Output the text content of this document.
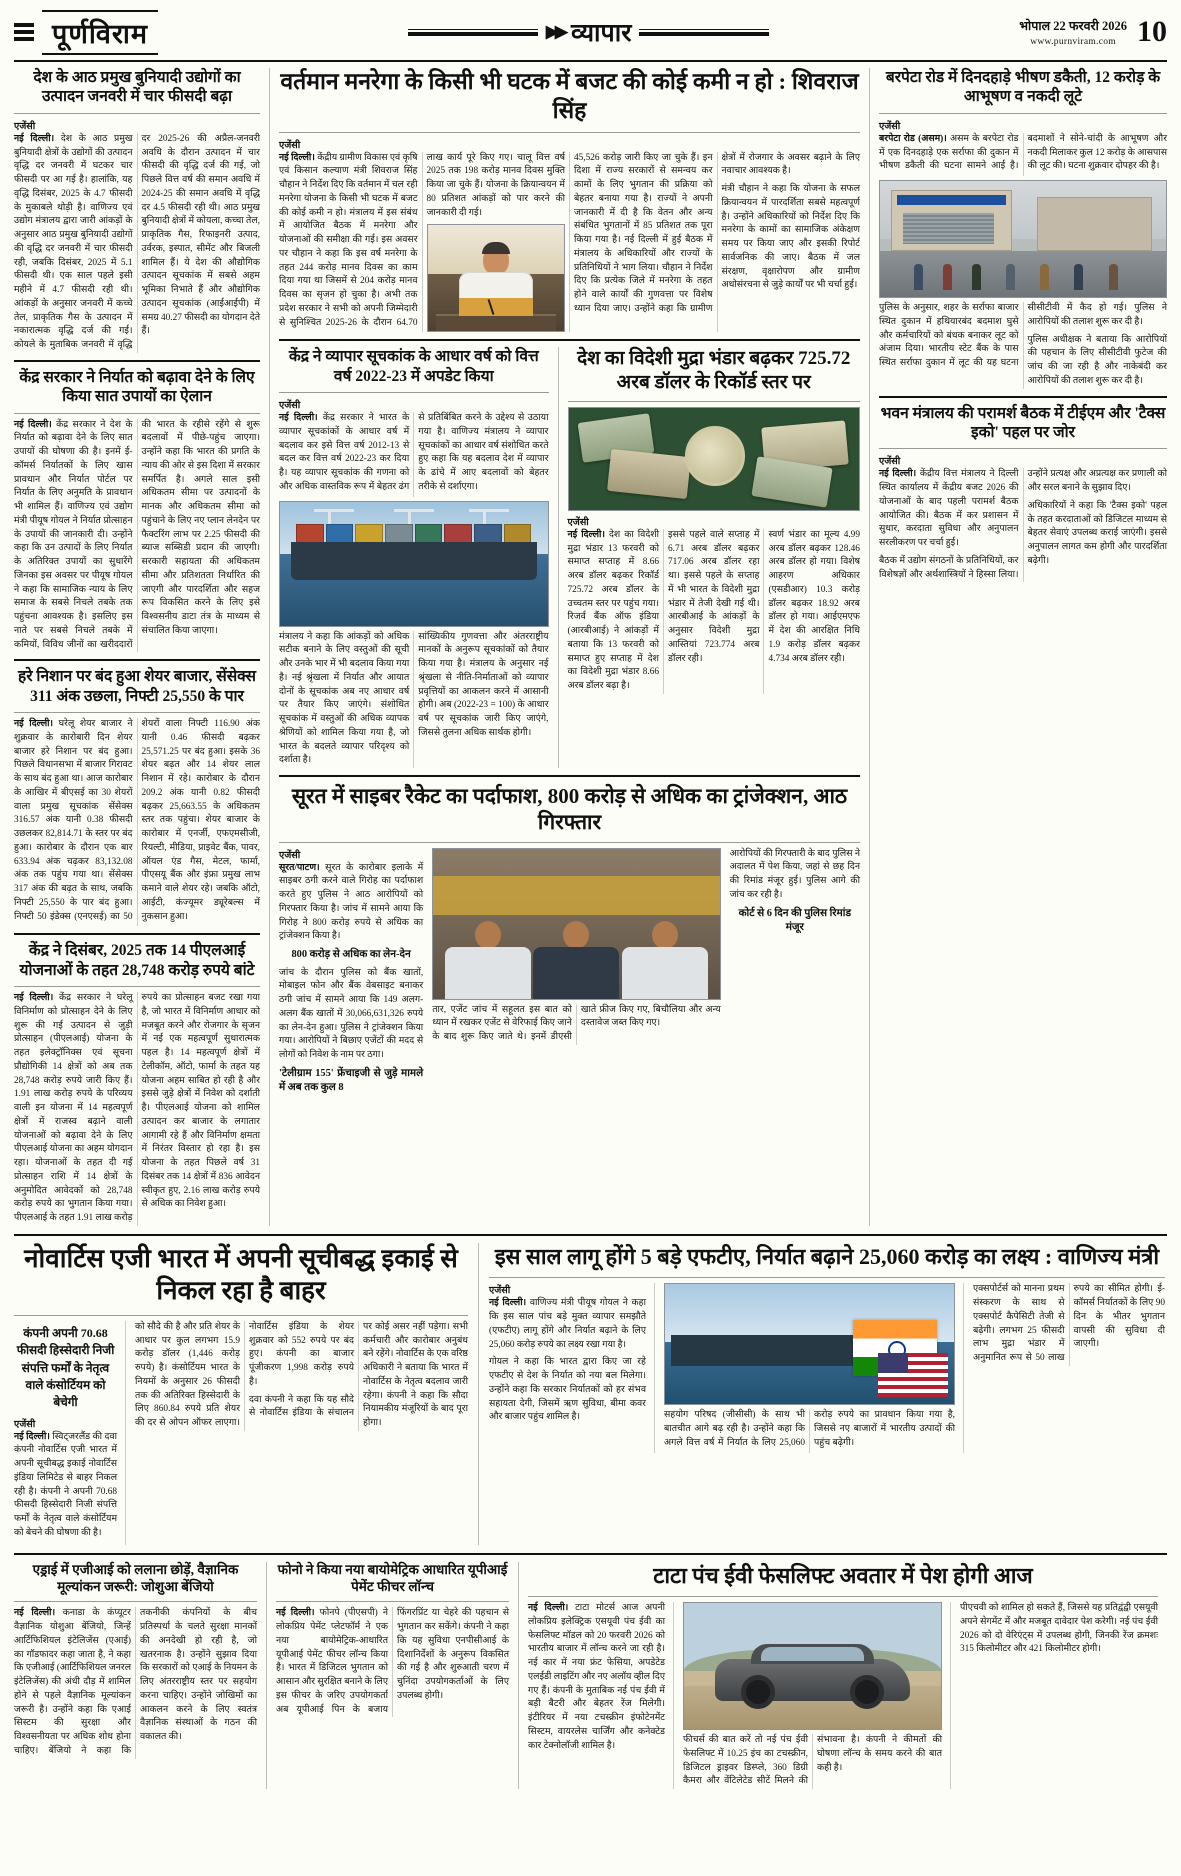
पूर्णविराम	▶▶ व्यापार	भोपाल 22 फरवरी 2026
www.purnviram.com 10
देश के आठ प्रमुख बुनियादी उद्योगों का उत्पादन जनवरी में चार फीसदी बढ़ा
एजेंसी

नई दिल्ली। देश के आठ प्रमुख बुनियादी क्षेत्रों के उद्योगों की उत्पादन वृद्धि दर जनवरी में घटकर चार फीसदी पर आ गई है। हालांकि, यह वृद्धि दिसंबर, 2025 के 4.7 फीसदी के मुकाबले थोड़ी है। वाणिज्य एवं उद्योग मंत्रालय द्वारा जारी आंकड़ों के अनुसार आठ प्रमुख बुनियादी उद्योगों की वृद्धि दर जनवरी में चार फीसदी रही, जबकि दिसंबर, 2025 में 5.1 फीसदी थी। एक साल पहले इसी महीने में 4.7 फीसदी रही थी। आंकड़ों के अनुसार जनवरी में कच्चे तेल, प्राकृतिक गैस के उत्पादन में नकारात्मक वृद्धि दर्ज की गई। कोयले के मुताबिक जनवरी में वृद्धि दर 2025-26 की अप्रैल-जनवरी अवधि के दौरान उत्पादन में चार फीसदी की वृद्धि दर्ज की गई, जो पिछले वित्त वर्ष की समान अवधि में 2024-25 की समान अवधि में वृद्धि दर 4.5 फीसदी रही थी। आठ प्रमुख बुनियादी क्षेत्रों में कोयला, कच्चा तेल, प्राकृतिक गैस, रिफाइनरी उत्पाद, उर्वरक, इस्पात, सीमेंट और बिजली शामिल हैं। ये देश की औद्योगिक उत्पादन सूचकांक में सबसे अहम भूमिका निभाते हैं और औद्योगिक उत्पादन सूचकांक (आईआईपी) में समग्र 40.27 फीसदी का योगदान देते हैं।

केंद्र सरकार ने निर्यात को बढ़ावा देने के लिए किया सात उपायों का ऐलान

नई दिल्ली। केंद्र सरकार ने देश के निर्यात को बढ़ावा देने के लिए सात उपायों की घोषणा की है। इनमें ई-कॉमर्स निर्यातकों के लिए खास प्रावधान और निर्यात पोर्टल पर निर्यात के लिए अनुमति के प्रावधान भी शामिल हैं। वाणिज्य एवं उद्योग मंत्री पीयूष गोयल ने निर्यात प्रोत्साहन के उपायों की जानकारी दी। उन्होंने कहा कि उन उत्पादों के लिए निर्यात के अतिरिक्त उपायों का सुधारेंगे जिनका इस अवसर पर पीयूष गोयल ने कहा कि सामाजिक न्याय के लिए समाज के सबसे निचले तबके तक पहुंचना आवश्यक है। इसलिए इस नाते पर सबसे निचले तबके में कमियों, विविध जीनों का खरीददारों की भारत के रहीसे रहेंगे से शुरू बदलावों में पीछे-पहुंच जाएगा। उन्होंने कहा कि भारत की प्रगति के न्याय की ओर से इस दिशा में सरकार समर्पित है। अगले साल इसी अधिकतम सीमा पर उत्पादनों के मानक और अधिकतम सीमा को पहुंचाने के लिए नए प्लान लेनदेन पर फैक्टरिंग लाभ पर 2.25 फीसदी की ब्याज सब्सिडी प्रदान की जाएगी। सरकारी सहायता की अधिकतम सीमा और प्रतिशतता निर्धारित की जाएगी और पारदर्शिता और सहज रूप विकसित करने के लिए इसे विश्वसनीय डाटा तंत्र के माध्यम से संचालित किया जाएगा।

हरे निशान पर बंद हुआ शेयर बाजार, सेंसेक्स 311 अंक उछला, निफ्टी 25,550 के पार

नई दिल्ली। घरेलू शेयर बाजार ने शुक्रवार के कारोबारी दिन शेयर बाजार हरे निशान पर बंद हुआ। पिछले विधानसभा में बाजार गिरावट के साथ बंद हुआ था। आज कारोबार के आखिर में बीएसई का 30 शेयरों वाला प्रमुख सूचकांक सेंसेक्स 316.57 अंक यानी 0.38 फीसदी उछलकर 82,814.71 के स्तर पर बंद हुआ। कारोबार के दौरान एक बार 633.94 अंक चढ़कर 83,132.08 अंक तक पहुंच गया था। सेंसेक्स 317 अंक की बढ़त के साथ, जबकि निफ्टी 25,550 के पार बंद हुआ। निफ्टी 50 इंडेक्स (एनएसई) का 50 शेयरों वाला निफ्टी 116.90 अंक यानी 0.46 फीसदी बढ़कर 25,571.25 पर बंद हुआ। इसके 36 शेयर बढ़त और 14 शेयर लाल निशान में रहे। कारोबार के दौरान 209.2 अंक यानी 0.82 फीसदी बढ़कर 25,663.55 के अधिकतम स्तर तक पहुंचा। शेयर बाजार के कारोबार में एनर्जी, एफएमसीजी, रियल्टी, मीडिया, प्राइवेट बैंक, पावर, ऑयल एंड गैस, मेटल, फार्मा, पीएसयू बैंक और इंफ्रा प्रमुख लाभ कमाने वाले शेयर रहे। जबकि ऑटो, आईटी, कंज्यूमर ड्यूरेबल्स में नुकसान हुआ।

केंद्र ने दिसंबर, 2025 तक 14 पीएलआई योजनाओं के तहत 28,748 करोड़ रुपये बांटे

नई दिल्ली। केंद्र सरकार ने घरेलू विनिर्माण को प्रोत्साहन देने के लिए शुरू की गई उत्पादन से जुड़ी प्रोत्साहन (पीएलआई) योजना के तहत इलेक्ट्रॉनिक्स एवं सूचना प्रौद्योगिकी 14 क्षेत्रों को अब तक 28,748 करोड़ रुपये जारी किए हैं। 1.91 लाख करोड़ रुपये के परिव्यय वाली इन योजना में 14 महत्वपूर्ण क्षेत्रों में राजस्व बढ़ाने वाली योजनाओं को बढ़ावा देने के लिए पीएलआई योजना का अहम योगदान रहा। योजनाओं के तहत दी गई प्रोत्साहन राशि में 14 क्षेत्रों के अनुमोदित आवेदकों को 28,748 करोड़ रुपये का भुगतान किया गया। पीएलआई के तहत 1.91 लाख करोड़ रुपये का प्रोत्साहन बजट रखा गया है, जो भारत में विनिर्माण आधार को मजबूत करने और रोजगार के सृजन में नई एक महत्वपूर्ण सुधारात्मक पहल है। 14 महत्वपूर्ण क्षेत्रों में टेलीकॉम, ऑटो, फार्मा के तहत यह योजना अहम साबित हो रही है और इससे जुड़े क्षेत्रों में निवेश को दर्शाती है। पीएलआई योजना को शामिल उत्पादन कर बाजार के लगातार आगामी रहे हैं और विनिर्माण क्षमता में निरंतर विस्तार हो रहा है। इस योजना के तहत पिछले वर्ष 31 दिसंबर तक 14 क्षेत्रों में 836 आवेदन स्वीकृत हुए, 2.16 लाख करोड़ रुपये से अधिक का निवेश हुआ।

वर्तमान मनरेगा के किसी भी घटक में बजट की कोई कमी न हो : शिवराज सिंह
एजेंसी

नई दिल्ली। केंद्रीय ग्रामीण विकास एवं कृषि एवं किसान कल्याण मंत्री शिवराज सिंह चौहान ने निर्देश दिए कि वर्तमान में चल रही मनरेगा योजना के किसी भी घटक में बजट की कोई कमी न हो। मंत्रालय में इस संबंध में आयोजित बैठक में मनरेगा और योजनाओं की समीक्षा की गई। इस अवसर पर चौहान ने कहा कि इस वर्ष मनरेगा के तहत 244 करोड़ मानव दिवस का काम दिया गया था जिसमें से 204 करोड़ मानव दिवस का सृजन हो चुका है। अभी तक प्रदेश सरकार ने सभी को अपनी जिम्मेदारी से सुनिश्चित 2025-26 के दौरान 64.70 लाख कार्य पूरे किए गए। चालू वित्त वर्ष 2025 तक 198 करोड़ मानव दिवस मुक्ति किया जा चुके हैं। योजना के क्रियान्वयन में 80 प्रतिशत आंकड़ों को पार करने की जानकारी दी गई।

45,526 करोड़ जारी किए जा चुके हैं। इन दिशा में राज्य सरकारों से समन्वय कर कामों के लिए भुगतान की प्रक्रिया को बेहतर बनाया गया है। राज्यों ने अपनी जानकारी में दी है कि वेतन और अन्य संबंधित भुगतानों में 85 प्रतिशत तक पूरा किया गया है। नई दिल्ली में हुई बैठक में मंत्रालय के अधिकारियों और राज्यों के प्रतिनिधियों ने भाग लिया। चौहान ने निर्देश दिए कि प्रत्येक जिले में मनरेगा के तहत होने वाले कार्यों की गुणवत्ता पर विशेष ध्यान दिया जाए। उन्होंने कहा कि ग्रामीण क्षेत्रों में रोजगार के अवसर बढ़ाने के लिए नवाचार आवश्यक है।

मंत्री चौहान ने कहा कि योजना के सफल क्रियान्वयन में पारदर्शिता सबसे महत्वपूर्ण है। उन्होंने अधिकारियों को निर्देश दिए कि मनरेगा के कामों का सामाजिक अंकेक्षण समय पर किया जाए और इसकी रिपोर्ट सार्वजनिक की जाए। बैठक में जल संरक्षण, वृक्षारोपण और ग्रामीण अधोसंरचना से जुड़े कार्यों पर भी चर्चा हुई।

केंद्र ने व्यापार सूचकांक के आधार वर्ष को वित्त वर्ष 2022-23 में अपडेट किया
एजेंसी

नई दिल्ली। केंद्र सरकार ने भारत के व्यापार सूचकांकों के आधार वर्ष में बदलाव कर इसे वित्त वर्ष 2012-13 से बदल कर वित्त वर्ष 2022-23 कर दिया है। यह व्यापार सूचकांक की गणना को और अधिक वास्तविक रूप में बेहतर ढंग से प्रतिबिंबित करने के उद्देश्य से उठाया गया है। वाणिज्य मंत्रालय ने व्यापार सूचकांकों का आधार वर्ष संशोधित करते हुए कहा कि यह बदलाव देश में व्यापार के ढांचे में आए बदलावों को बेहतर तरीके से दर्शाएगा।

मंत्रालय ने कहा कि आंकड़ों को अधिक सटीक बनाने के लिए वस्तुओं की सूची और उनके भार में भी बदलाव किया गया है। नई श्रृंखला में निर्यात और आयात दोनों के सूचकांक अब नए आधार वर्ष पर तैयार किए जाएंगे। संशोधित सूचकांक में वस्तुओं की अधिक व्यापक श्रेणियों को शामिल किया गया है, जो भारत के बदलते व्यापार परिदृश्य को दर्शाता है।

सांख्यिकीय गुणवत्ता और अंतरराष्ट्रीय मानकों के अनुरूप सूचकांकों को तैयार किया गया है। मंत्रालय के अनुसार नई श्रृंखला से नीति-निर्माताओं को व्यापार प्रवृत्तियों का आकलन करने में आसानी होगी। अब (2022-23 = 100) के आधार वर्ष पर सूचकांक जारी किए जाएंगे, जिससे तुलना अधिक सार्थक होगी।

देश का विदेशी मुद्रा भंडार बढ़कर 725.72 अरब डॉलर के रिकॉर्ड स्तर पर
एजेंसी

नई दिल्ली। देश का विदेशी मुद्रा भंडार 13 फरवरी को समाप्त सप्ताह में 8.66 अरब डॉलर बढ़कर रिकॉर्ड 725.72 अरब डॉलर के उच्चतम स्तर पर पहुंच गया। रिजर्व बैंक ऑफ इंडिया (आरबीआई) ने आंकड़ों में बताया कि 13 फरवरी को समाप्त हुए सप्ताह में देश का विदेशी मुद्रा भंडार 8.66 अरब डॉलर बढ़ा है।

इससे पहले वाले सप्ताह में 6.71 अरब डॉलर बढ़कर 717.06 अरब डॉलर रहा था। इससे पहले के सप्ताह में भी भारत के विदेशी मुद्रा भंडार में तेजी देखी गई थी। आरबीआई के आंकड़ों के अनुसार विदेशी मुद्रा आस्तियां 723.774 अरब डॉलर रही।

स्वर्ण भंडार का मूल्य 4.99 अरब डॉलर बढ़कर 128.46 अरब डॉलर हो गया। विशेष आहरण अधिकार (एसडीआर) 10.3 करोड़ डॉलर बढ़कर 18.92 अरब डॉलर हो गया। आईएमएफ में देश की आरक्षित निधि 1.9 करोड़ डॉलर बढ़कर 4.734 अरब डॉलर रही।

सूरत में साइबर रैकेट का पर्दाफाश, 800 करोड़ से अधिक का ट्रांजेक्शन, आठ गिरफ्तार
एजेंसी

सूरत/पाटण। सूरत के कारोबार इलाके में साइबर ठगी करने वाले गिरोह का पर्दाफाश करते हुए पुलिस ने आठ आरोपियों को गिरफ्तार किया है। जांच में सामने आया कि गिरोह ने 800 करोड़ रुपये से अधिक का ट्रांजेक्शन किया है।

800 करोड़ से अधिक का लेन-देन

जांच के दौरान पुलिस को बैंक खातों, मोबाइल फोन और बैंक वेबसाइट बनाकर ठगी जांच में सामने आया कि 149 अलग-अलग बैंक खातों में 30,066,631,326 रुपये का लेन-देन हुआ। पुलिस ने ट्रांजेक्शन किया गया। आरोपियों ने बिछाए एजेंटों की मदद से लोगों को निवेश के नाम पर ठगा।

'टेलीग्राम 155' फ्रेंचाइजी से जुड़े मामले में अब तक कुल 8

तार, एजेंट जांच में सहूलत इस बात को ध्यान में रखकर एजेंट से वेरिफाई किए जाने के बाद शुरू किए जाते थे। इनमें डीएसी खाते फ्रीज किए गए, बिचौलिया और अन्य दस्तावेज जब्त किए गए।

आरोपियों की गिरफ्तारी के बाद पुलिस ने अदालत में पेश किया, जहां से छह दिन की रिमांड मंजूर हुई। पुलिस आगे की जांच कर रही है।

कोर्ट से 6 दिन की पुलिस रिमांड मंजूर

बरपेटा रोड में दिनदहाड़े भीषण डकैती, 12 करोड़ के आभूषण व नकदी लूटे
एजेंसी

बरपेटा रोड (असम)। असम के बरपेटा रोड में एक दिनदहाड़े एक सर्राफा की दुकान में भीषण डकैती की घटना सामने आई है। बदमाशों ने सोने-चांदी के आभूषण और नकदी मिलाकर कुल 12 करोड़ के आसपास की लूट की। घटना शुक्रवार दोपहर की है।

पुलिस के अनुसार, शहर के सर्राफा बाजार स्थित दुकान में हथियारबंद बदमाश घुसे और कर्मचारियों को बंधक बनाकर लूट को अंजाम दिया। भारतीय स्टेट बैंक के पास स्थित सर्राफा दुकान में लूट की यह घटना सीसीटीवी में कैद हो गई। पुलिस ने आरोपियों की तलाश शुरू कर दी है।

पुलिस अधीक्षक ने बताया कि आरोपियों की पहचान के लिए सीसीटीवी फुटेज की जांच की जा रही है और नाकेबंदी कर आरोपियों की तलाश शुरू कर दी है।

भवन मंत्रालय की परामर्श बैठक में टीईएम और 'टैक्स इको' पहल पर जोर
एजेंसी

नई दिल्ली। केंद्रीय वित्त मंत्रालय ने दिल्ली स्थित कार्यालय में केंद्रीय बजट 2026 की योजनाओं के बाद पहली परामर्श बैठक आयोजित की। बैठक में कर प्रशासन में सुधार, करदाता सुविधा और अनुपालन सरलीकरण पर चर्चा हुई।

बैठक में उद्योग संगठनों के प्रतिनिधियों, कर विशेषज्ञों और अर्थशास्त्रियों ने हिस्सा लिया। उन्होंने प्रत्यक्ष और अप्रत्यक्ष कर प्रणाली को और सरल बनाने के सुझाव दिए।

अधिकारियों ने कहा कि 'टैक्स इको' पहल के तहत करदाताओं को डिजिटल माध्यम से बेहतर सेवाएं उपलब्ध कराई जाएंगी। इससे अनुपालन लागत कम होगी और पारदर्शिता बढ़ेगी।

नोवार्टिस एजी भारत में अपनी सूचीबद्ध इकाई से निकल रहा है बाहर
कंपनी अपनी 70.68 फीसदी हिस्सेदारी निजी संपत्ति फर्मों के नेतृत्व वाले कंसोर्टियम को बेचेगी
एजेंसी

नई दिल्ली। स्विट्जरलैंड की दवा कंपनी नोवार्टिस एजी भारत में अपनी सूचीबद्ध इकाई नोवार्टिस इंडिया लिमिटेड से बाहर निकल रही है। कंपनी ने अपनी 70.68 फीसदी हिस्सेदारी निजी संपत्ति फर्मों के नेतृत्व वाले कंसोर्टियम को बेचने की घोषणा की है।

को सौदे की है और प्रति शेयर के आधार पर कुल लगभग 15.9 करोड़ डॉलर (1,446 करोड़ रुपये) है। कंसोर्टियम भारत के नियमों के अनुसार 26 फीसदी तक की अतिरिक्त हिस्सेदारी के लिए 860.84 रुपये प्रति शेयर की दर से ओपन ऑफर लाएगा। नोवार्टिस इंडिया के शेयर शुक्रवार को 552 रुपये पर बंद हुए। कंपनी का बाजार पूंजीकरण 1,998 करोड़ रुपये है।

दवा कंपनी ने कहा कि यह सौदे से नोवार्टिस इंडिया के संचालन पर कोई असर नहीं पड़ेगा। सभी कर्मचारी और कारोबार अनुबंध बने रहेंगे। नोवार्टिस के एक वरिष्ठ अधिकारी ने बताया कि भारत में नोवार्टिस के नेतृत्व बदलाव जारी रहेगा। कंपनी ने कहा कि सौदा नियामकीय मंजूरियों के बाद पूरा होगा।

इस साल लागू होंगे 5 बड़े एफटीए, निर्यात बढ़ाने 25,060 करोड़ का लक्ष्य : वाणिज्य मंत्री
एजेंसी

नई दिल्ली। वाणिज्य मंत्री पीयूष गोयल ने कहा कि इस साल पांच बड़े मुक्त व्यापार समझौते (एफटीए) लागू होंगे और निर्यात बढ़ाने के लिए 25,060 करोड़ रुपये का लक्ष्य रखा गया है।

गोयल ने कहा कि भारत द्वारा किए जा रहे एफटीए से देश के निर्यात को नया बल मिलेगा। उन्होंने कहा कि सरकार निर्यातकों को हर संभव सहायता देगी, जिसमें ऋण सुविधा, बीमा कवर और बाजार पहुंच शामिल है।	सहयोग परिषद (जीसीसी) के साथ भी बातचीत आगे बढ़ रही है। उन्होंने कहा कि अगले वित्त वर्ष में निर्यात के लिए 25,060 करोड़ रुपये का प्रावधान किया गया है, जिससे नए बाजारों में भारतीय उत्पादों की पहुंच बढ़ेगी।

एक्सपोर्टर्स को मानना प्रथम संस्करण के साथ से एक्सपोर्ट कैपेसिटी तेजी से बढ़ेगी। लगभग 25 फीसदी लाभ मुद्रा भंडार में अनुमानित रूप से 50 लाख रुपये का सीमित होगी। ई-कॉमर्स निर्यातकों के लिए 90 दिन के भीतर भुगतान वापसी की सुविधा दी जाएगी।

एड्राई में एजीआई को ललाना छोड़ें, वैज्ञानिक मूल्यांकन जरूरी: जोशुआ बेंजियो

नई दिल्ली। कनाडा के कंप्यूटर वैज्ञानिक योशुआ बेंजियो, जिन्हें आर्टिफिशियल इंटेलिजेंस (एआई) का गॉडफादर कहा जाता है, ने कहा कि एजीआई (आर्टिफिशियल जनरल इंटेलिजेंस) की अंधी दौड़ में शामिल होने से पहले वैज्ञानिक मूल्यांकन जरूरी है। उन्होंने कहा कि एआई सिस्टम की सुरक्षा और विश्वसनीयता पर अधिक शोध होना चाहिए। बेंजियो ने कहा कि तकनीकी कंपनियों के बीच प्रतिस्पर्धा के चलते सुरक्षा मानकों की अनदेखी हो रही है, जो खतरनाक है। उन्होंने सुझाव दिया कि सरकारों को एआई के नियमन के लिए अंतरराष्ट्रीय स्तर पर सहयोग करना चाहिए। उन्होंने जोखिमों का आकलन करने के लिए स्वतंत्र वैज्ञानिक संस्थाओं के गठन की वकालत की।

फोनो ने किया नया बायोमेट्रिक आधारित यूपीआई पेमेंट फीचर लॉन्च

नई दिल्ली। फोनपे (पीएसपी) ने लोकप्रिय पेमेंट प्लेटफॉर्म ने एक नया बायोमेट्रिक-आधारित यूपीआई पेमेंट फीचर लॉन्च किया है। भारत में डिजिटल भुगतान को आसान और सुरक्षित बनाने के लिए इस फीचर के जरिए उपयोगकर्ता अब यूपीआई पिन के बजाय फिंगरप्रिंट या चेहरे की पहचान से भुगतान कर सकेंगे। कंपनी ने कहा कि यह सुविधा एनपीसीआई के दिशानिर्देशों के अनुरूप विकसित की गई है और शुरुआती चरण में चुनिंदा उपयोगकर्ताओं के लिए उपलब्ध होगी।

टाटा पंच ईवी फेसलिफ्ट अवतार में पेश होगी आज

नई दिल्ली। टाटा मोटर्स आज अपनी लोकप्रिय इलेक्ट्रिक एसयूवी पंच ईवी का फेसलिफ्ट मॉडल को 20 फरवरी 2026 को भारतीय बाजार में लॉन्च करने जा रही है। नई कार में नया फ्रंट फेसिया, अपडेटेड एलईडी लाइटिंग और नए अलॉय व्हील दिए गए हैं। कंपनी के मुताबिक नई पंच ईवी में बड़ी बैटरी और बेहतर रेंज मिलेगी। इंटीरियर में नया टचस्क्रीन इंफोटेनमेंट सिस्टम, वायरलेस चार्जिंग और कनेक्टेड कार टेक्नोलॉजी शामिल है।

फीचर्स की बात करें तो नई पंच ईवी फेसलिफ्ट में 10.25 इंच का टचस्क्रीन, डिजिटल ड्राइवर डिस्प्ले, 360 डिग्री कैमरा और वेंटिलेटेड सीटें मिलने की संभावना है। कंपनी ने कीमतों की घोषणा लॉन्च के समय करने की बात कही है।

पीएचवी को शामिल हो सकते हैं, जिससे यह प्रतिद्वंद्वी एसयूवी अपने सेगमेंट में और मजबूत दावेदार पेश करेगी। नई पंच ईवी 2026 को दो वेरिएंट्स में उपलब्ध होगी, जिनकी रेंज क्रमशः 315 किलोमीटर और 421 किलोमीटर होगी।
